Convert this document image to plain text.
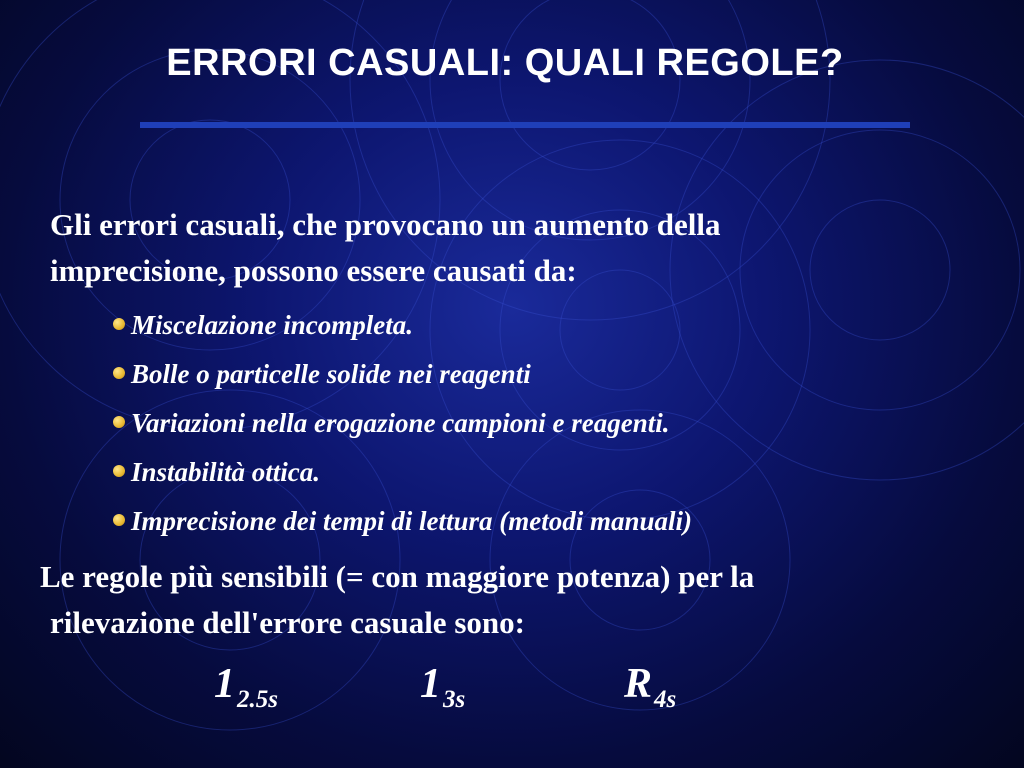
ERRORI CASUALI: QUALI REGOLE?
Gli errori casuali, che provocano un aumento della
imprecisione, possono essere causati da:
Miscelazione incompleta.
Bolle o particelle solide nei reagenti
Variazioni nella erogazione campioni e reagenti.
Instabilità ottica.
Imprecisione dei tempi di lettura (metodi manuali)
Le regole più sensibili (= con maggiore potenza) per la
rilevazione dell'errore casuale sono:
$1_{2.5s}$	$1_{3s}$	$R_{4s}$
